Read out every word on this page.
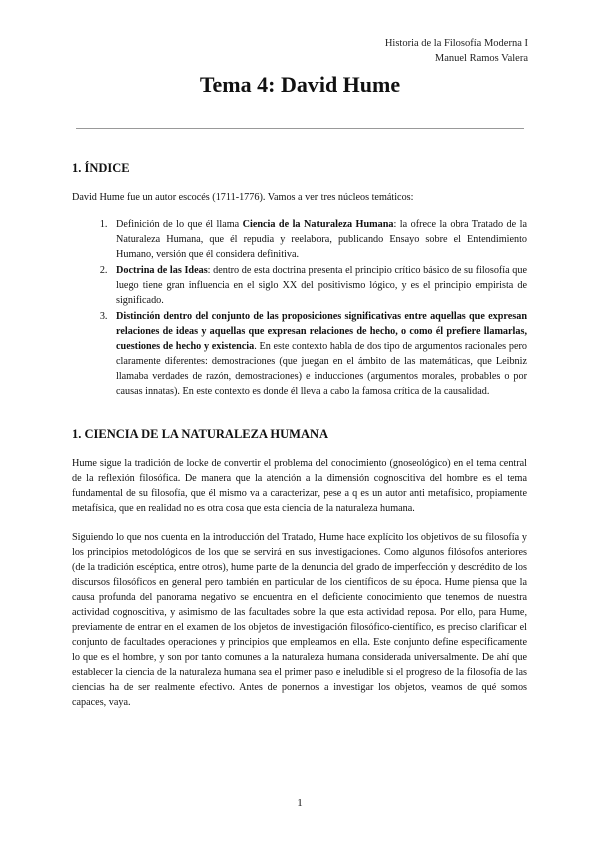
Historia de la Filosofía Moderna I
Manuel Ramos Valera
Tema 4: David Hume
1. ÍNDICE

David Hume fue un autor escocés (1711-1776). Vamos a ver tres núcleos temáticos:

1. Definición de lo que él llama Ciencia de la Naturaleza Humana: la ofrece la obra Tratado de la Naturaleza Humana, que él repudia y reelabora, publicando Ensayo sobre el Entendimiento Humano, versión que él considera definitiva.
2. Doctrina de las Ideas: dentro de esta doctrina presenta el principio crítico básico de su filosofía que luego tiene gran influencia en el siglo XX del positivismo lógico, y es el principio empirista de significado.
3. Distinción dentro del conjunto de las proposiciones significativas entre aquellas que expresan relaciones de ideas y aquellas que expresan relaciones de hecho, o como él prefiere llamarlas, cuestiones de hecho y existencia. En este contexto habla de dos tipo de argumentos racionales pero claramente diferentes: demostraciones (que juegan en el ámbito de las matemáticas, que Leibniz llamaba verdades de razón, demostraciones) e inducciones (argumentos morales, probables o por causas innatas). En este contexto es donde él lleva a cabo la famosa crítica de la causalidad.
1. CIENCIA DE LA NATURALEZA HUMANA

Hume sigue la tradición de locke de convertir el problema del conocimiento (gnoseológico) en el tema central de la reflexión filosófica. De manera que la atención a la dimensión cognoscitiva del hombre es el tema fundamental de su filosofía, que él mismo va a caracterizar, pese a q es un autor anti metafísico, propiamente metafísica, que en realidad no es otra cosa que esta ciencia de la naturaleza humana.

Siguiendo lo que nos cuenta en la introducción del Tratado, Hume hace explícito los objetivos de su filosofía y los principios metodológicos de los que se servirá en sus investigaciones. Como algunos filósofos anteriores (de la tradición escéptica, entre otros), hume parte de la denuncia del grado de imperfección y descrédito de los discursos filosóficos en general pero también en particular de los científicos de su época. Hume piensa que la causa profunda del panorama negativo se encuentra en el deficiente conocimiento que tenemos de nuestra actividad cognoscitiva, y asimismo de las facultades sobre la que esta actividad reposa. Por ello, para Hume, previamente de entrar en el examen de los objetos de investigación filosófico-científico, es preciso clarificar el conjunto de facultades operaciones y principios que empleamos en ella. Este conjunto define específicamente lo que es el hombre, y son por tanto comunes a la naturaleza humana considerada universalmente. De ahí que establecer la ciencia de la naturaleza humana sea el primer paso e ineludible si el progreso de la filosofía de las ciencias ha de ser realmente efectivo. Antes de ponernos a investigar los objetos, veamos de qué somos capaces, vaya.

1
